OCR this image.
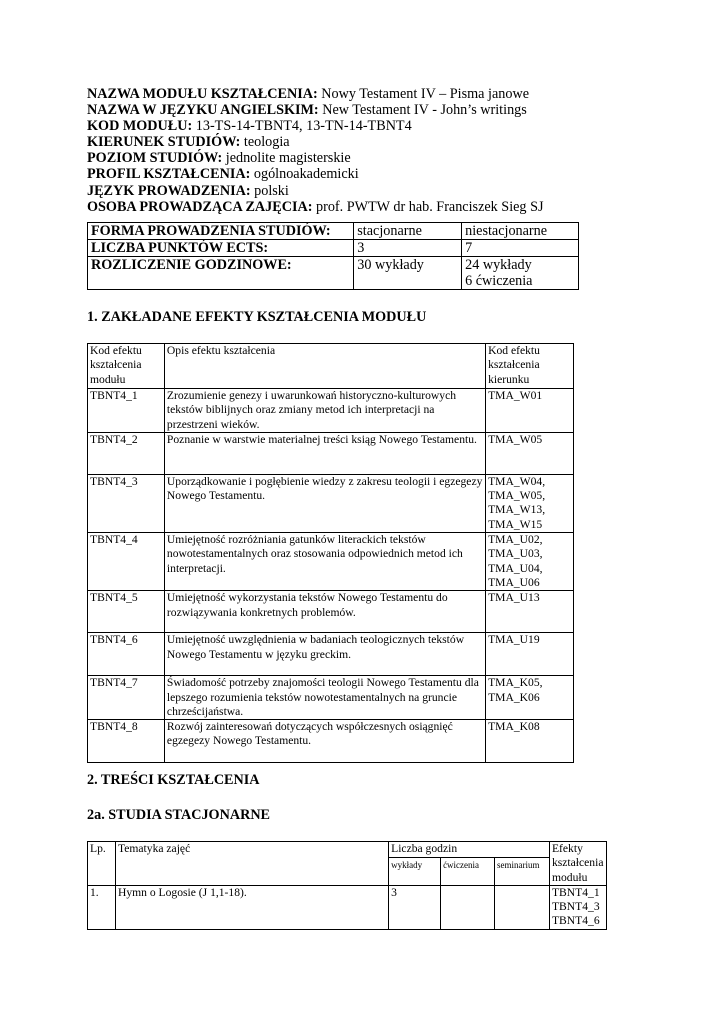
NAZWA MODUŁU KSZTAŁCENIA: Nowy Testament IV – Pisma janowe
NAZWA W JĘZYKU ANGIELSKIM: New Testament IV - John’s writings
KOD MODUŁU: 13-TS-14-TBNT4, 13-TN-14-TBNT4
KIERUNEK STUDIÓW: teologia
POZIOM STUDIÓW: jednolite magisterskie
PROFIL KSZTAŁCENIA: ogólnoakademicki
JĘZYK PROWADZENIA: polski
OSOBA PROWADZĄCA ZAJĘCIA: prof. PWTW dr hab. Franciszek Sieg SJ
FORMA PROWADZENIA STUDIÓW:	stacjonarne	niestacjonarne
LICZBA PUNKTÓW ECTS:	3	7
ROZLICZENIE GODZINOWE:	30 wykłady	24 wykłady
6 ćwiczenia
1. ZAKŁADANE EFEKTY KSZTAŁCENIA MODUŁU
Kod efektu kształcenia modułu	Opis efektu kształcenia	Kod efektu kształcenia kierunku
TBNT4_1	Zrozumienie genezy i uwarunkowań historyczno-kulturowych tekstów biblijnych oraz zmiany metod ich interpretacji na przestrzeni wieków.	TMA_W01
TBNT4_2	Poznanie w warstwie materialnej treści ksiąg Nowego Testamentu.	TMA_W05
TBNT4_3	Uporządkowanie i pogłębienie wiedzy z zakresu teologii i egzegezy Nowego Testamentu.	TMA_W04,
TMA_W05,
TMA_W13,
TMA_W15
TBNT4_4	Umiejętność rozróżniania gatunków literackich tekstów nowotestamentalnych oraz stosowania odpowiednich metod ich interpretacji.	TMA_U02,
TMA_U03,
TMA_U04,
TMA_U06
TBNT4_5	Umiejętność wykorzystania tekstów Nowego Testamentu do rozwiązywania konkretnych problemów.	TMA_U13
TBNT4_6	Umiejętność uwzględnienia w badaniach teologicznych tekstów Nowego Testamentu w języku greckim.	TMA_U19
TBNT4_7	Świadomość potrzeby znajomości teologii Nowego Testamentu dla lepszego rozumienia tekstów nowotestamentalnych na gruncie chrześcijaństwa.	TMA_K05,
TMA_K06
TBNT4_8	Rozwój zainteresowań dotyczących współczesnych osiągnięć egzegezy Nowego Testamentu.	TMA_K08
2. TREŚCI KSZTAŁCENIA
2a. STUDIA STACJONARNE
Lp.	Tematyka zajęć	Liczba godzin			Efekty kształcenia modułu
		wykłady	ćwiczenia	seminarium	
1.	Hymn o Logosie (J 1,1-18).	3			TBNT4_1
TBNT4_3
TBNT4_6
